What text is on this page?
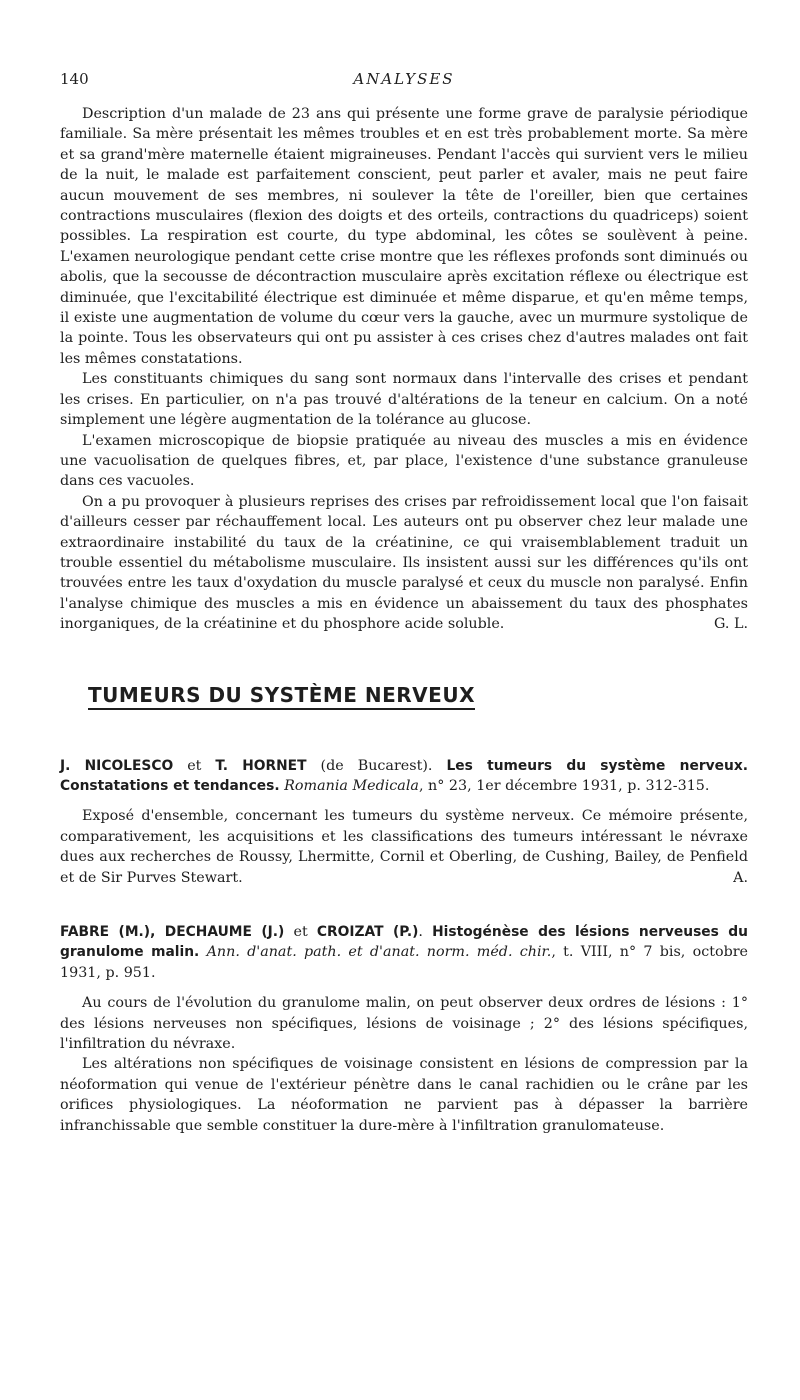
140	ANALYSES

Description d'un malade de 23 ans qui présente une forme grave de paralysie périodique familiale. Sa mère présentait les mêmes troubles et en est très probablement morte. Sa mère et sa grand'mère maternelle étaient migraineuses. Pendant l'accès qui survient vers le milieu de la nuit, le malade est parfaitement conscient, peut parler et avaler, mais ne peut faire aucun mouvement de ses membres, ni soulever la tête de l'oreiller, bien que certaines contractions musculaires (flexion des doigts et des orteils, contractions du quadriceps) soient possibles. La respiration est courte, du type abdominal, les côtes se soulèvent à peine. L'examen neurologique pendant cette crise montre que les réflexes profonds sont diminués ou abolis, que la secousse de décontraction musculaire après excitation réflexe ou électrique est diminuée, que l'excitabilité électrique est diminuée et même disparue, et qu'en même temps, il existe une augmentation de volume du cœur vers la gauche, avec un murmure systolique de la pointe. Tous les observateurs qui ont pu assister à ces crises chez d'autres malades ont fait les mêmes constatations.

Les constituants chimiques du sang sont normaux dans l'intervalle des crises et pendant les crises. En particulier, on n'a pas trouvé d'altérations de la teneur en calcium. On a noté simplement une légère augmentation de la tolérance au glucose.

L'examen microscopique de biopsie pratiquée au niveau des muscles a mis en évidence une vacuolisation de quelques fibres, et, par place, l'existence d'une substance granuleuse dans ces vacuoles.

On a pu provoquer à plusieurs reprises des crises par refroidissement local que l'on faisait d'ailleurs cesser par réchauffement local. Les auteurs ont pu observer chez leur malade une extraordinaire instabilité du taux de la créatinine, ce qui vraisemblablement traduit un trouble essentiel du métabolisme musculaire. Ils insistent aussi sur les différences qu'ils ont trouvées entre les taux d'oxydation du muscle paralysé et ceux du muscle non paralysé. Enfin l'analyse chimique des muscles a mis en évidence un abaissement du taux des phosphates inorganiques, de la créatinine et du phosphore acide soluble.	G. L.

TUMEURS DU SYSTÈME NERVEUX

J. NICOLESCO et T. HORNET (de Bucarest). Les tumeurs du système nerveux. Constatations et tendances. Romania Medicala, n° 23, 1er décembre 1931, p. 312-315.

Exposé d'ensemble, concernant les tumeurs du système nerveux. Ce mémoire présente, comparativement, les acquisitions et les classifications des tumeurs intéressant le névraxe dues aux recherches de Roussy, Lhermitte, Cornil et Oberling, de Cushing, Bailey, de Penfield et de Sir Purves Stewart.	A.

FABRE (M.), DECHAUME (J.) et CROIZAT (P.). Histogénèse des lésions nerveuses du granulome malin. Ann. d'anat. path. et d'anat. norm. méd. chir., t. VIII, n° 7 bis, octobre 1931, p. 951.

Au cours de l'évolution du granulome malin, on peut observer deux ordres de lésions : 1° des lésions nerveuses non spécifiques, lésions de voisinage ; 2° des lésions spécifiques, l'infiltration du névraxe.

Les altérations non spécifiques de voisinage consistent en lésions de compression par la néoformation qui venue de l'extérieur pénètre dans le canal rachidien ou le crâne par les orifices physiologiques. La néoformation ne parvient pas à dépasser la barrière infranchissable que semble constituer la dure-mère à l'infiltration granulomateuse.
